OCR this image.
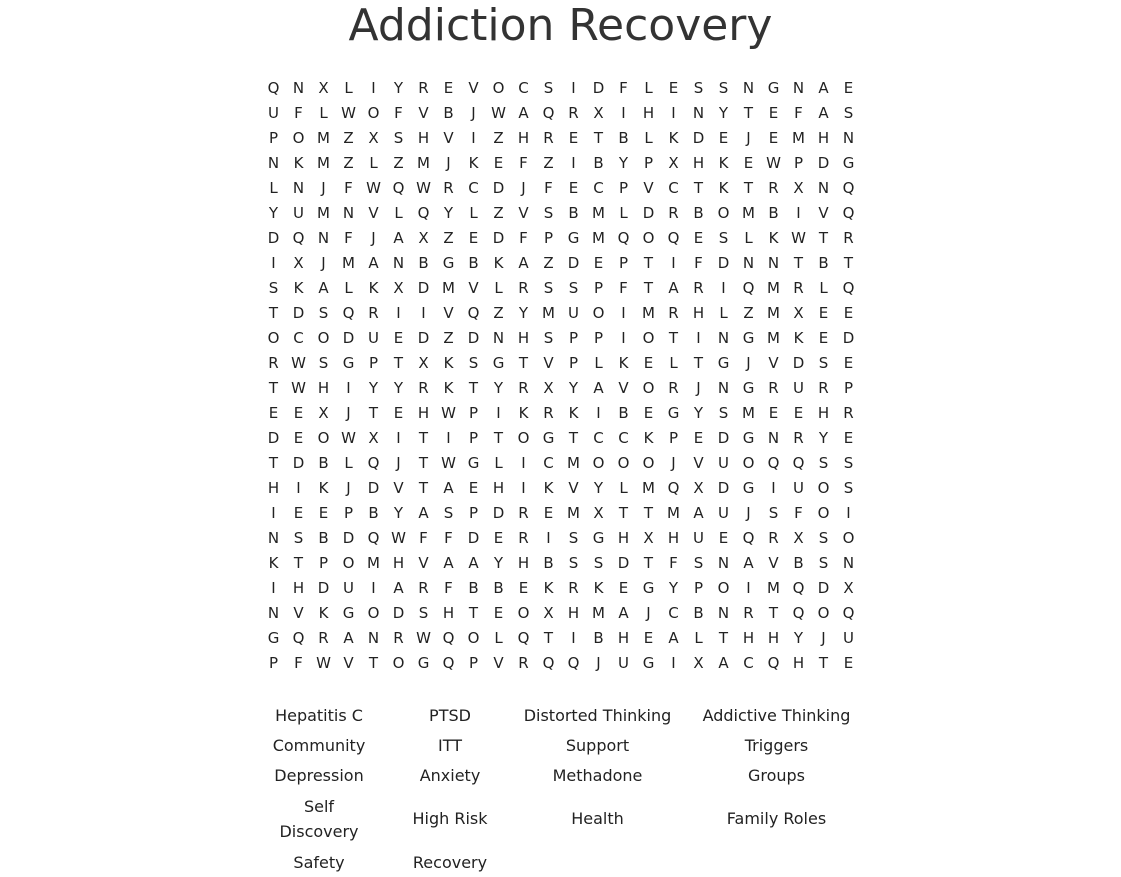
Addiction Recovery
Q N X	L	I	Y	R	E	V O C	S	I	D F	L	E	S	S N G N A	E
U	F	L W O F	V B	J	W A Q R X	I	H	I	N Y	T	E	F	A	S
P O M Z X	S H V	I	Z H R	E	T	B	L	K D E	J	E M H N
N K M Z	L	Z M	J	K	E	F	Z	I	B	Y	P	X H K	E W P D G
L	N	J	F W Q W R C D	J	F	E	C	P	V C	T	K	T	R X N Q
Y U M N V	L Q Y	L	Z V	S	B M L	D R B O M B	I	V Q
D Q N	F	J	A X Z	E D F	P G M Q O Q E	S	L	K W T	R
I	X	J	M A N B G B K A Z D E	P	T	I	F D N N T	B	T
S	K A	L	K X D M V	L	R	S	S	P	F	T	A R	I	Q M R	L Q
T D S Q R	I	I	V Q Z	Y M U O	I	M R H	L	Z M X	E	E
O C O D U E D Z D N H S	P	P	I	O T	I	N G M K	E D
R W S G P	T	X K	S G T	V	P	L	K	E	L	T G	J	V D S	E
T W H	I	Y	Y	R K	T	Y	R X	Y	A V O R	J	N G R U R	P
E	E	X	J	T	E H W P	I	K R K	I	B	E G Y	S M E	E H R
D E O W X	I	T	I	P	T O G T	C C K	P	E D G N R	Y	E
T D B	L Q	J	T W G	L	I	C M O O O	J	V U O Q Q S	S
H	I	K	J	D V	T	A	E H	I	K V	Y	L M Q X D G	I	U O S
I	E	E	P	B	Y	A	S	P D R	E M X	T	T M A U	J	S	F O	I
N S	B D Q W F	F D E	R	I	S G H X H U E Q R X	S O
K	T	P O M H V A A	Y H B	S	S D T	F	S N A V B	S N
I	H D U	I	A R	F	B B	E	K R K	E G Y	P O	I	M Q D X
N V K G O D S H T	E O X H M A	J	C B N R	T Q O Q
G Q R A N R W Q O L Q T	I	B H E	A	L	T H H Y	J	U
P	F W V	T O G Q P	V R Q Q	J	U G	I	X A C Q H T	E
Hepatitis C	PTSD	Distorted Thinking	Addictive Thinking
Community	ITT	Support	Triggers
Depression	Anxiety	Methadone	Groups
Self
Discovery
High Risk	Health	Family Roles
Safety	Recovery
